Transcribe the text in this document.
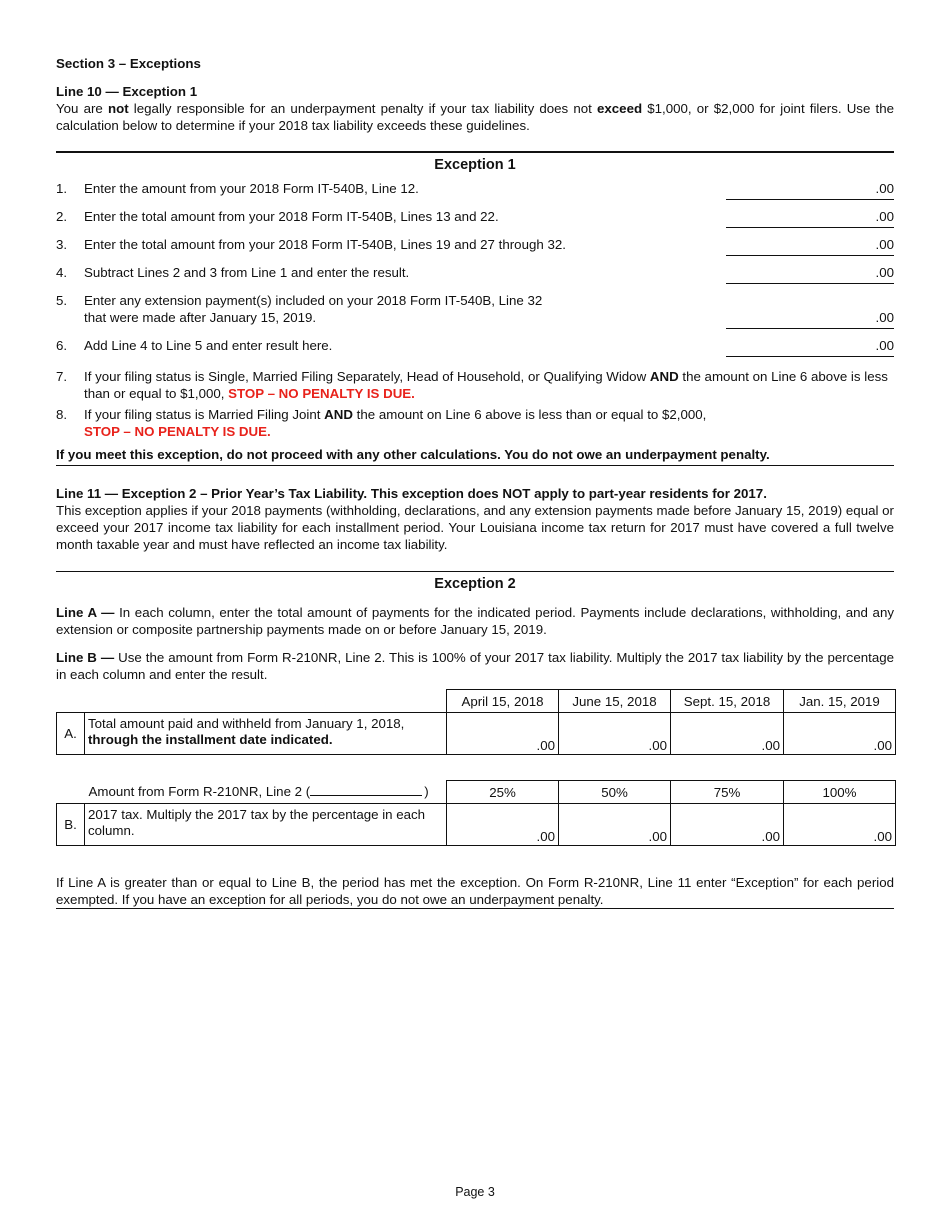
Section 3 – Exceptions
Line 10 — Exception 1
You are not legally responsible for an underpayment penalty if your tax liability does not exceed $1,000, or $2,000 for joint filers. Use the calculation below to determine if your 2018 tax liability exceeds these guidelines.
Exception 1
1.	Enter the amount from your 2018 Form IT-540B, Line 12.	.00
2.	Enter the total amount from your 2018 Form IT-540B, Lines 13 and 22.	.00
3.	Enter the total amount from your 2018 Form IT-540B, Lines 19 and 27 through 32.	.00
4.	Subtract Lines 2 and 3 from Line 1 and enter the result.	.00
5.	Enter any extension payment(s) included on your 2018 Form IT-540B, Line 32
that were made after January 15, 2019.	.00
6.	Add Line 4 to Line 5 and enter result here.	.00
7.	If your filing status is Single, Married Filing Separately, Head of Household, or Qualifying Widow AND the amount on Line 6 above is less than or equal to $1,000, STOP – NO PENALTY IS DUE.
8.	If your filing status is Married Filing Joint AND the amount on Line 6 above is less than or equal to $2,000,
STOP – NO PENALTY IS DUE.
If you meet this exception, do not proceed with any other calculations. You do not owe an underpayment penalty.
Line 11 — Exception 2 – Prior Year’s Tax Liability. This exception does NOT apply to part-year residents for 2017.
This exception applies if your 2018 payments (withholding, declarations, and any extension payments made before January 15, 2019) equal or exceed your 2017 income tax liability for each installment period. Your Louisiana income tax return for 2017 must have covered a full twelve month taxable year and must have reflected an income tax liability.
Exception 2
Line A — In each column, enter the total amount of payments for the indicated period. Payments include declarations, withholding, and any extension or composite partnership payments made on or before January 15, 2019.
Line B — Use the amount from Form R-210NR, Line 2. This is 100% of your 2017 tax liability. Multiply the 2017 tax liability by the percentage in each column and enter the result.
		April 15, 2018	June 15, 2018	Sept. 15, 2018	Jan. 15, 2019
A.	Total amount paid and withheld from January 1, 2018,
through the installment date indicated.	.00	.00	.00	.00
	Amount from Form R-210NR, Line 2 ( )	25%	50%	75%	100%
B.	2017 tax. Multiply the 2017 tax by the percentage in each column.	.00	.00	.00	.00
If Line A is greater than or equal to Line B, the period has met the exception. On Form R-210NR, Line 11 enter “Exception” for each period exempted. If you have an exception for all periods, you do not owe an underpayment penalty.
Page 3
